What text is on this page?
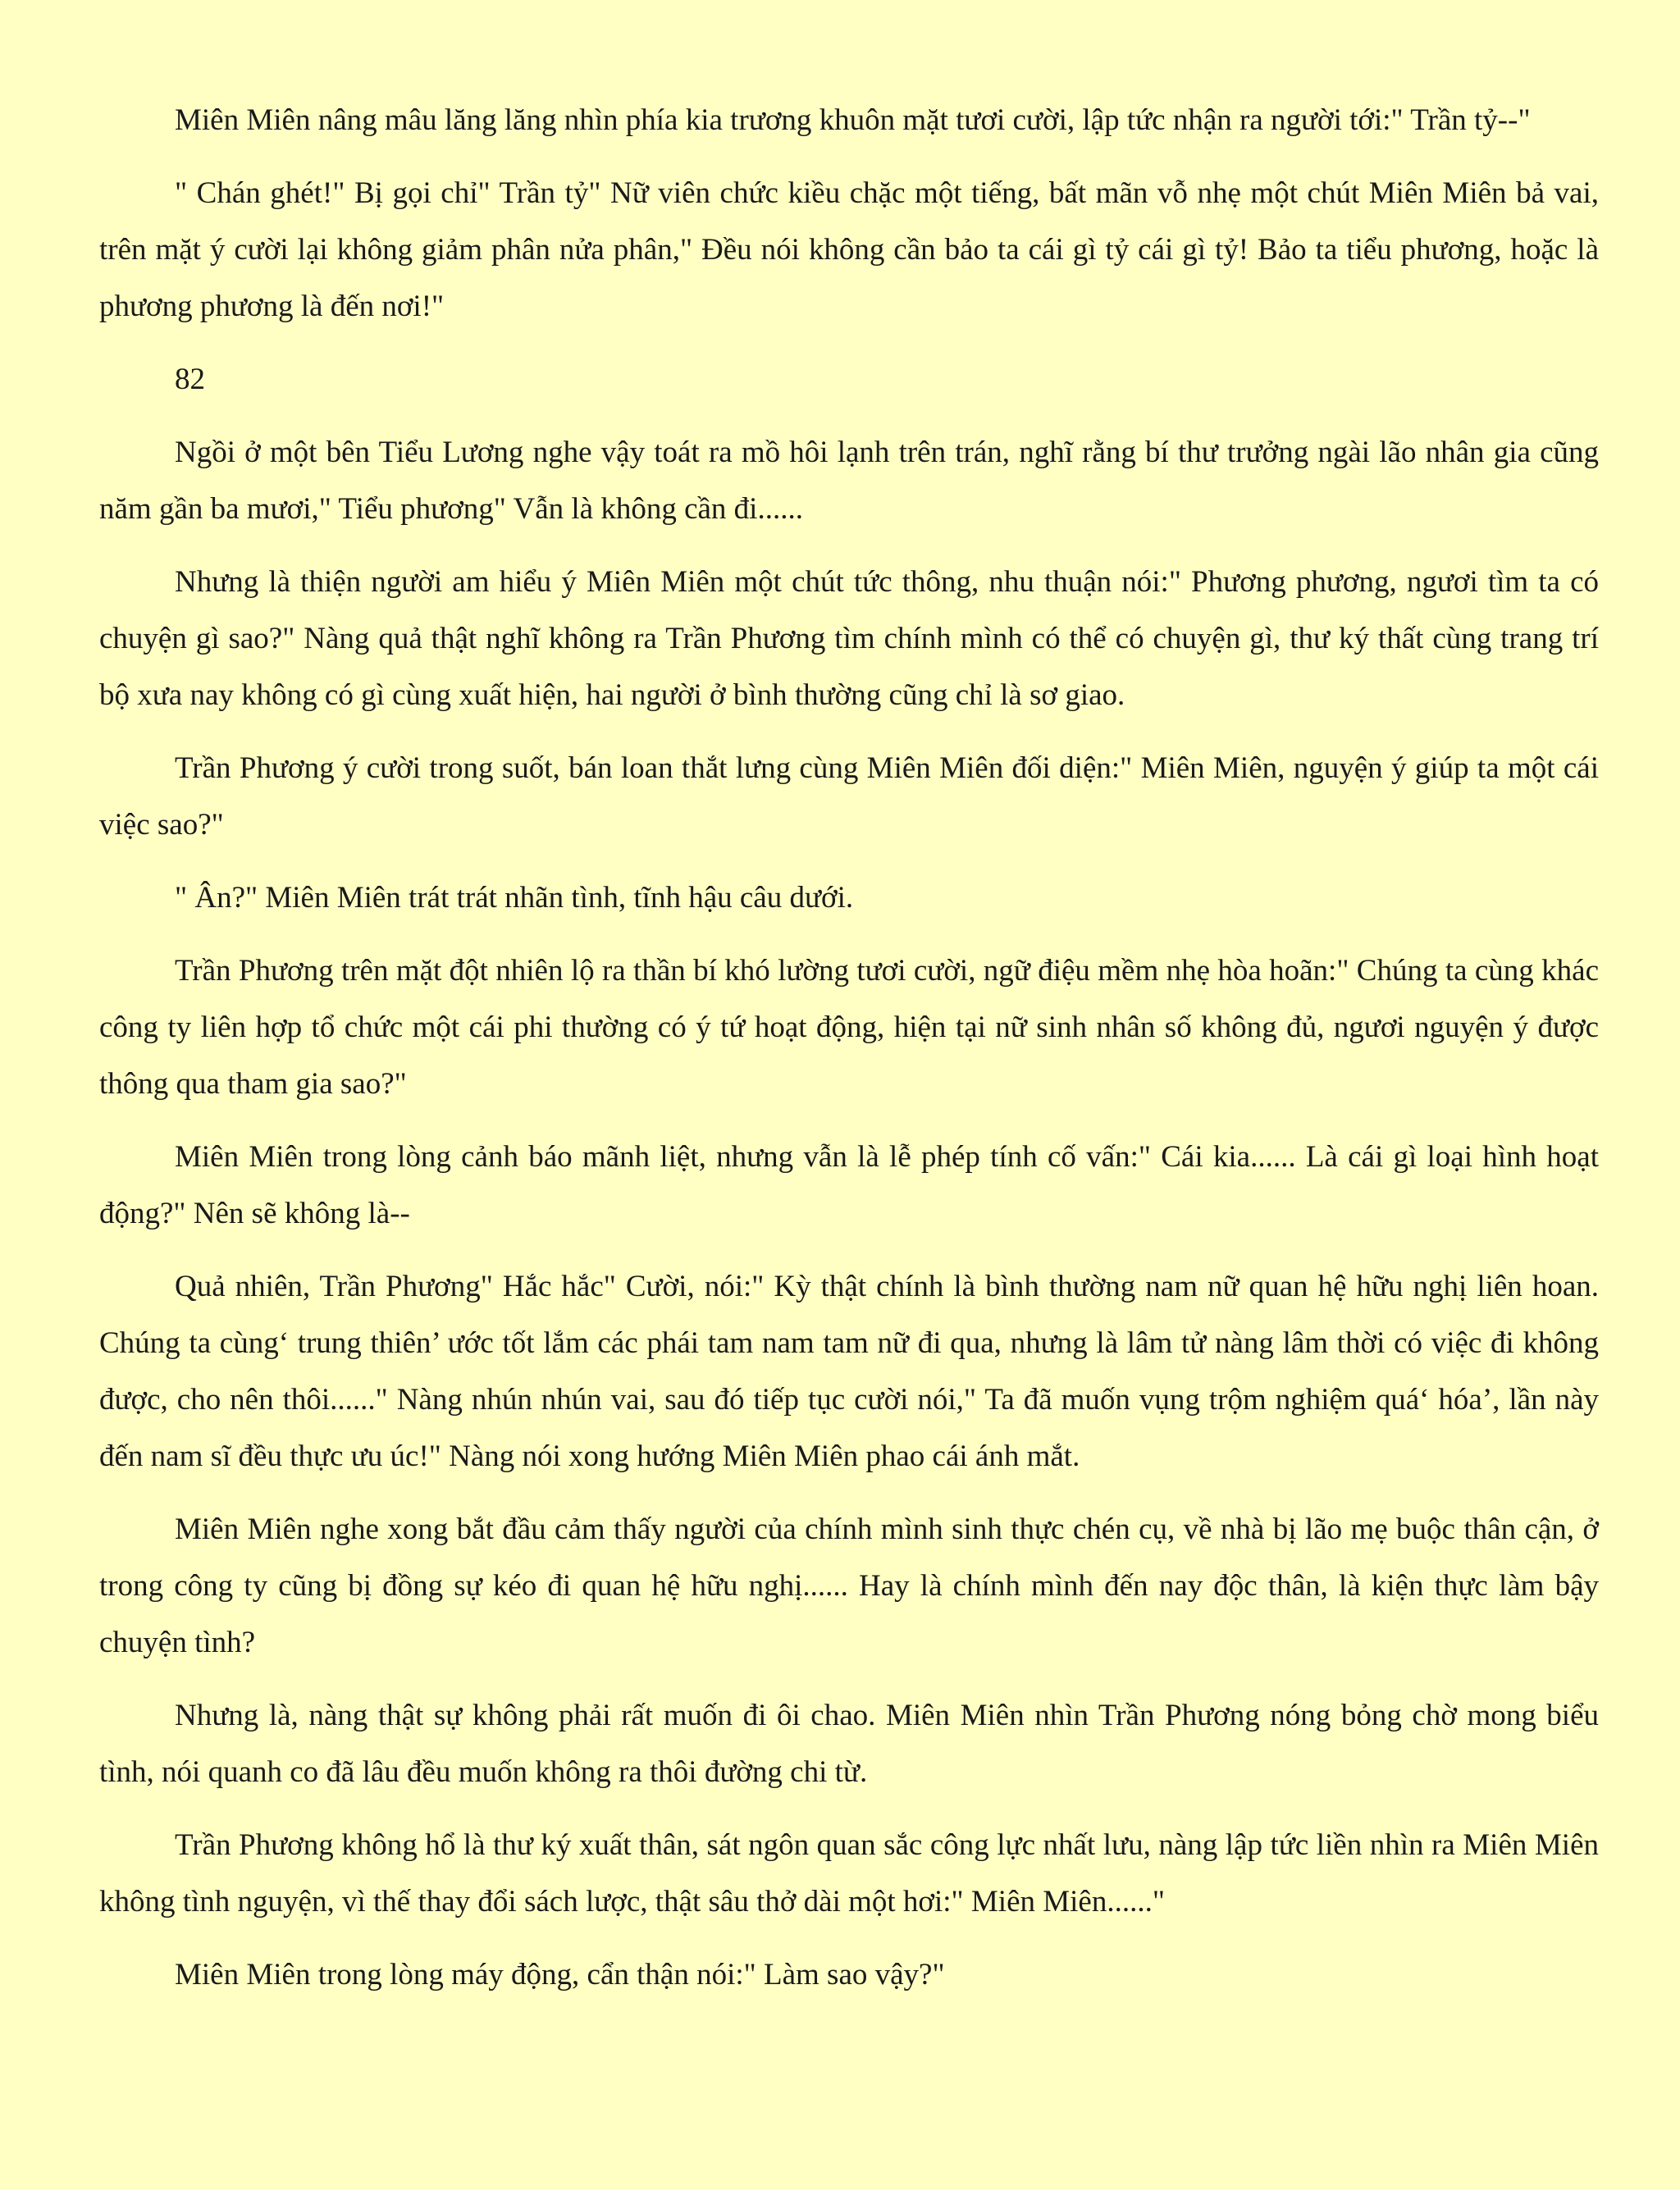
Miên Miên nâng mâu lăng lăng nhìn phía kia trương khuôn mặt tươi cười, lập tức nhận ra người tới:" Trần tỷ--"

" Chán ghét!" Bị gọi chỉ" Trần tỷ" Nữ viên chức kiều chặc một tiếng, bất mãn vỗ nhẹ một chút Miên Miên bả vai, trên mặt ý cười lại không giảm phân nửa phân," Đều nói không cần bảo ta cái gì tỷ cái gì tỷ! Bảo ta tiểu phương, hoặc là phương phương là đến nơi!"

82

Ngồi ở một bên Tiểu Lương nghe vậy toát ra mồ hôi lạnh trên trán, nghĩ rằng bí thư trưởng ngài lão nhân gia cũng năm gần ba mươi," Tiểu phương" Vẫn là không cần đi......

Nhưng là thiện người am hiểu ý Miên Miên một chút tức thông, nhu thuận nói:" Phương phương, ngươi tìm ta có chuyện gì sao?" Nàng quả thật nghĩ không ra Trần Phương tìm chính mình có thể có chuyện gì, thư ký thất cùng trang trí bộ xưa nay không có gì cùng xuất hiện, hai người ở bình thường cũng chỉ là sơ giao.

Trần Phương ý cười trong suốt, bán loan thắt lưng cùng Miên Miên đối diện:" Miên Miên, nguyện ý giúp ta một cái việc sao?"

" Ân?" Miên Miên trát trát nhãn tình, tĩnh hậu câu dưới.

Trần Phương trên mặt đột nhiên lộ ra thần bí khó lường tươi cười, ngữ điệu mềm nhẹ hòa hoãn:" Chúng ta cùng khác công ty liên hợp tổ chức một cái phi thường có ý tứ hoạt động, hiện tại nữ sinh nhân số không đủ, ngươi nguyện ý được thông qua tham gia sao?"

Miên Miên trong lòng cảnh báo mãnh liệt, nhưng vẫn là lễ phép tính cố vấn:" Cái kia...... Là cái gì loại hình hoạt động?" Nên sẽ không là--

Quả nhiên, Trần Phương" Hắc hắc" Cười, nói:" Kỳ thật chính là bình thường nam nữ quan hệ hữu nghị liên hoan. Chúng ta cùng‘ trung thiên’ ước tốt lắm các phái tam nam tam nữ đi qua, nhưng là lâm tử nàng lâm thời có việc đi không được, cho nên thôi......" Nàng nhún nhún vai, sau đó tiếp tục cười nói," Ta đã muốn vụng trộm nghiệm quá‘ hóa’, lần này đến nam sĩ đều thực ưu úc!" Nàng nói xong hướng Miên Miên phao cái ánh mắt.

Miên Miên nghe xong bắt đầu cảm thấy người của chính mình sinh thực chén cụ, về nhà bị lão mẹ buộc thân cận, ở trong công ty cũng bị đồng sự kéo đi quan hệ hữu nghị...... Hay là chính mình đến nay độc thân, là kiện thực làm bậy chuyện tình?

Nhưng là, nàng thật sự không phải rất muốn đi ôi chao. Miên Miên nhìn Trần Phương nóng bỏng chờ mong biểu tình, nói quanh co đã lâu đều muốn không ra thôi đường chi từ.

Trần Phương không hổ là thư ký xuất thân, sát ngôn quan sắc công lực nhất lưu, nàng lập tức liền nhìn ra Miên Miên không tình nguyện, vì thế thay đổi sách lược, thật sâu thở dài một hơi:" Miên Miên......"

Miên Miên trong lòng máy động, cẩn thận nói:" Làm sao vậy?"
